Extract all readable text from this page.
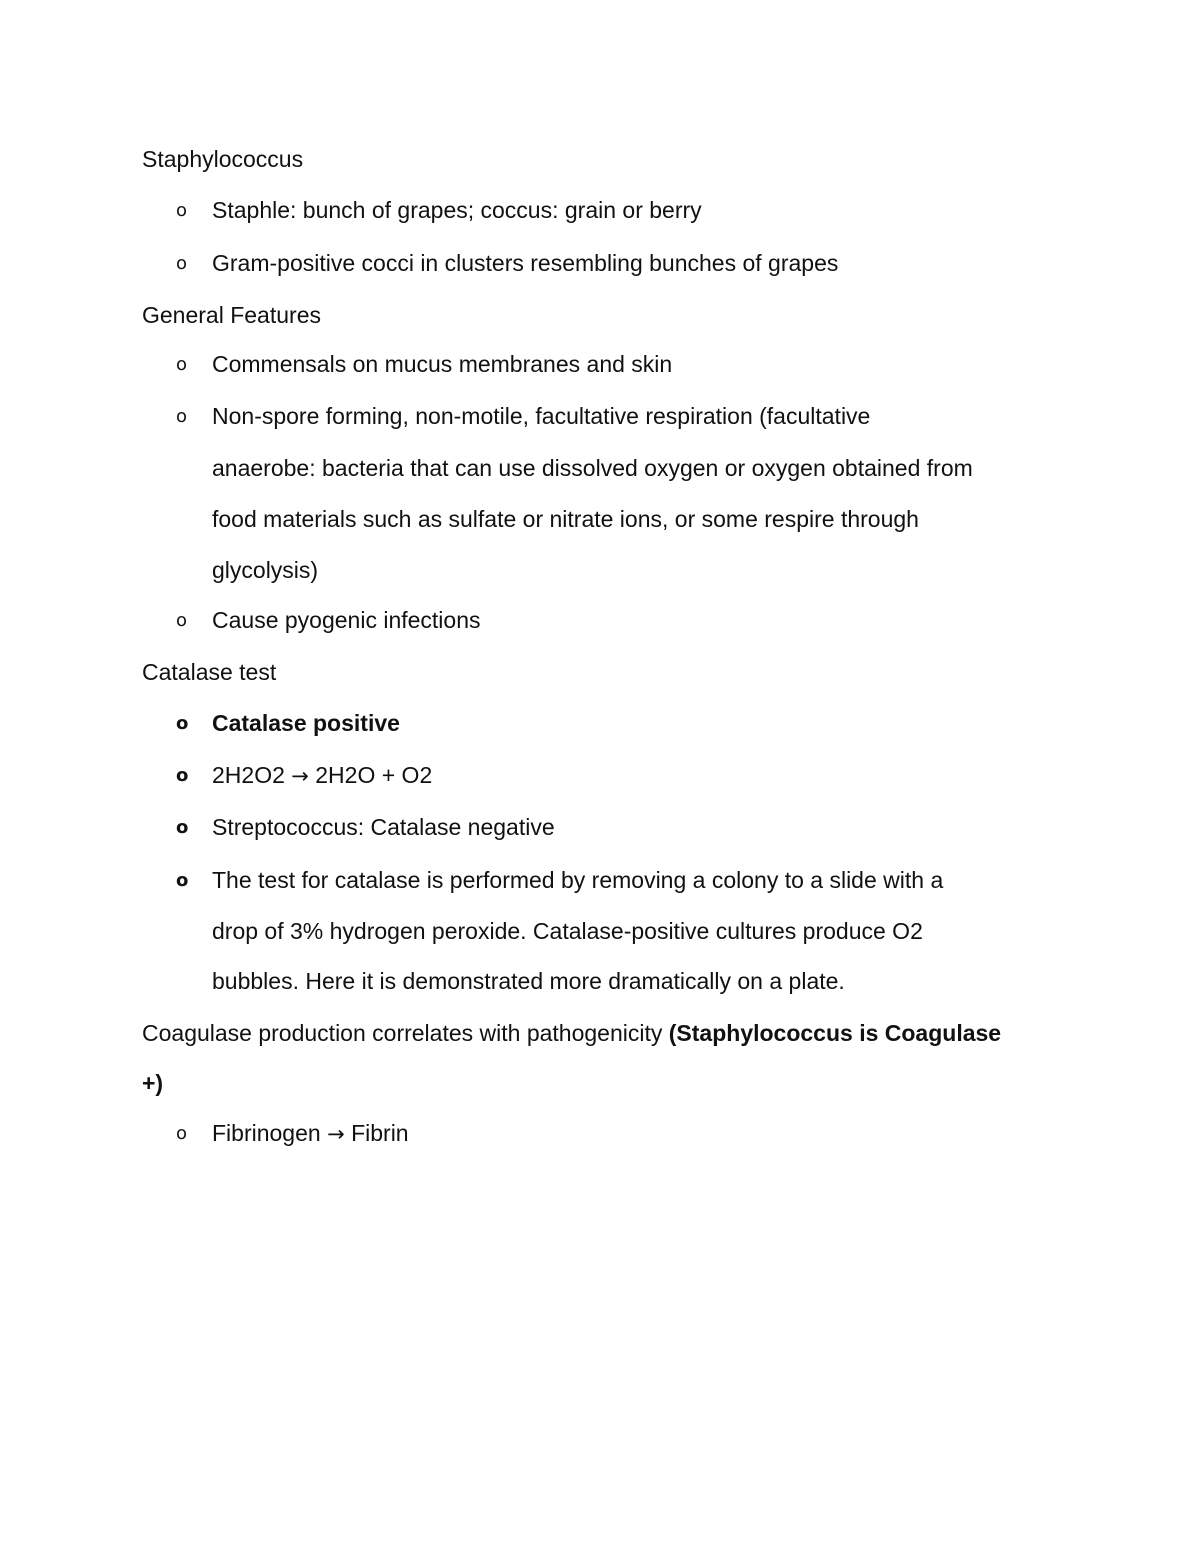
Staphylococcus

o Staphle: bunch of grapes; coccus: grain or berry

o Gram-positive cocci in clusters resembling bunches of grapes

General Features

o Commensals on mucus membranes and skin

o Non-spore forming, non-motile, facultative respiration (facultative

anaerobe: bacteria that can use dissolved oxygen or oxygen obtained from

food materials such as sulfate or nitrate ions, or some respire through

glycolysis)

o Cause pyogenic infections

Catalase test

o Catalase positive

o 2H2O2 → 2H2O + O2

o Streptococcus: Catalase negative

o The test for catalase is performed by removing a colony to a slide with a

drop of 3% hydrogen peroxide. Catalase-positive cultures produce O2

bubbles. Here it is demonstrated more dramatically on a plate.

Coagulase production correlates with pathogenicity (Staphylococcus is Coagulase

+)

o Fibrinogen → Fibrin
